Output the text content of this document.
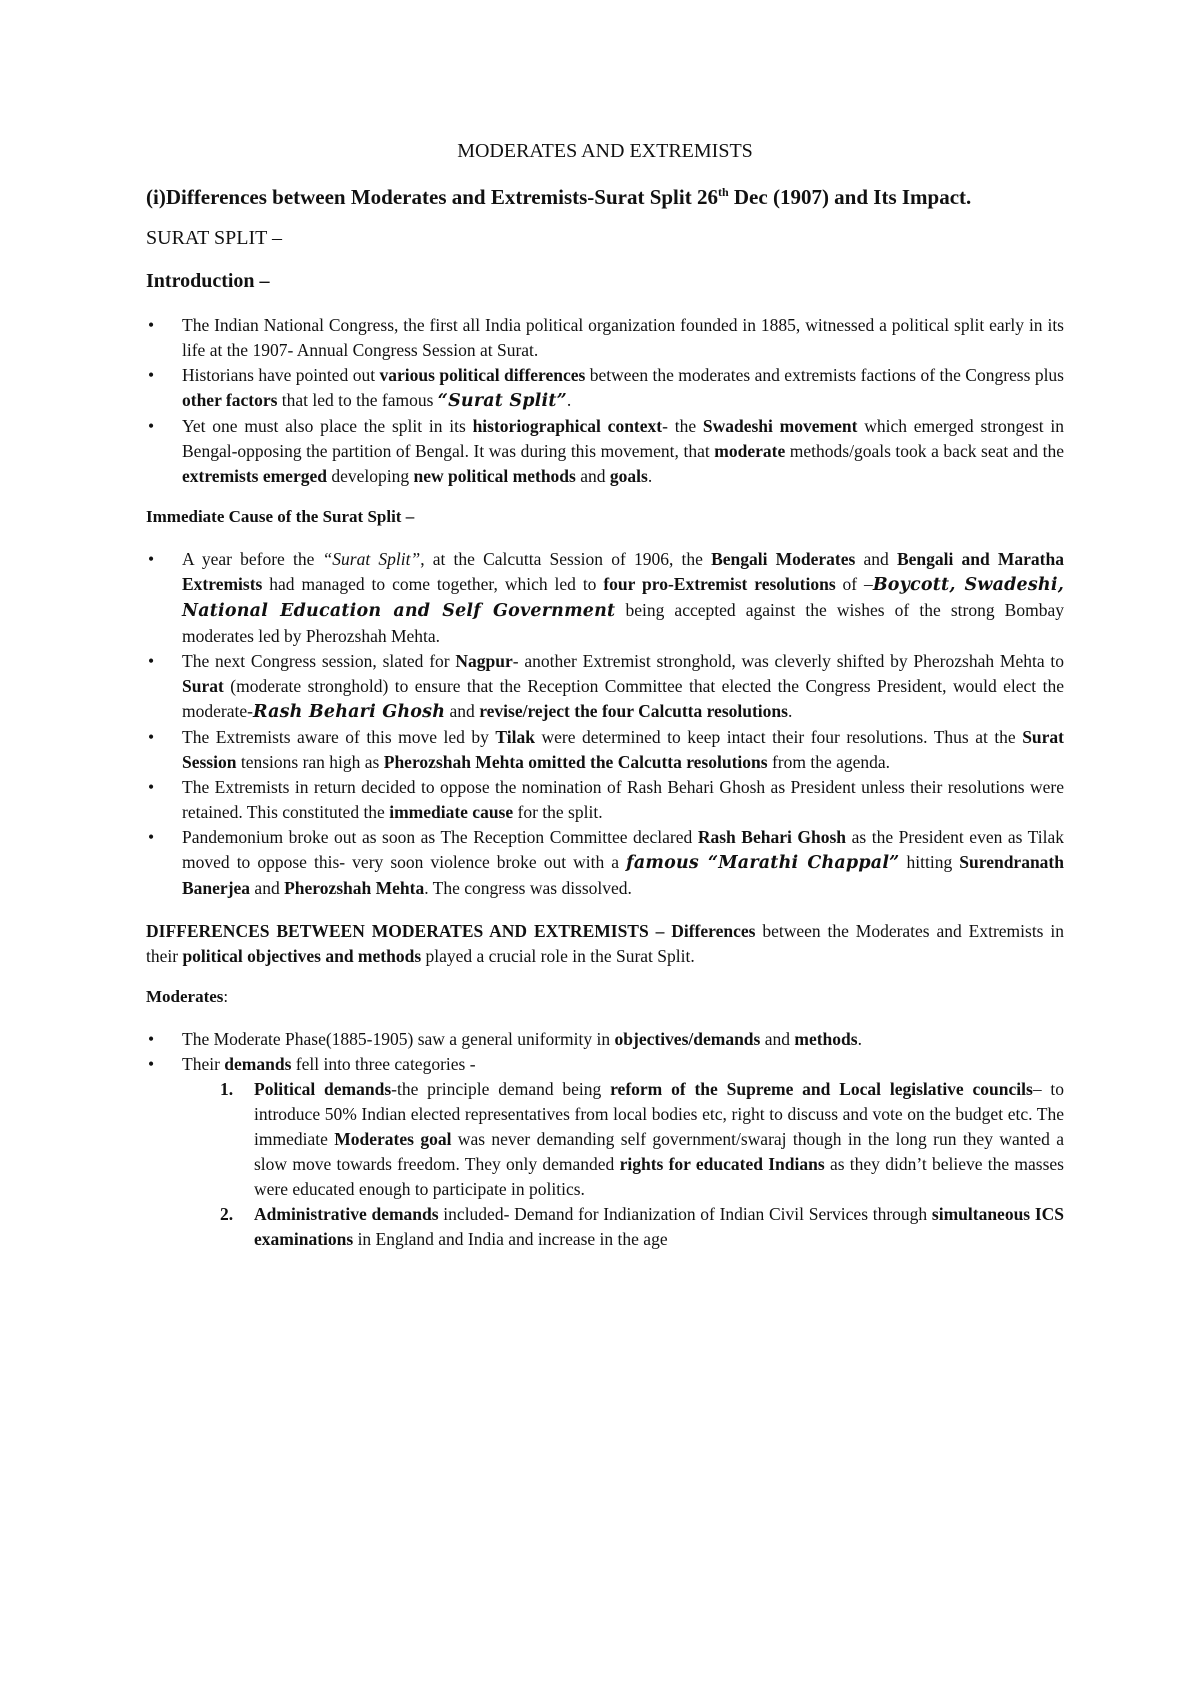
MODERATES AND EXTREMISTS
(i)Differences between Moderates and Extremists-Surat Split 26th Dec (1907) and Its Impact.
SURAT SPLIT –
Introduction –
• The Indian National Congress, the first all India political organization founded in 1885, witnessed a political split early in its life at the 1907- Annual Congress Session at Surat.
• Historians have pointed out various political differences between the moderates and extremists factions of the Congress plus other factors that led to the famous “Surat Split”.
• Yet one must also place the split in its historiographical context- the Swadeshi movement which emerged strongest in Bengal-opposing the partition of Bengal. It was during this movement, that moderate methods/goals took a back seat and the extremists emerged developing new political methods and goals.
Immediate Cause of the Surat Split –
• A year before the “Surat Split”, at the Calcutta Session of 1906, the Bengali Moderates and Bengali and Maratha Extremists had managed to come together, which led to four pro-Extremist resolutions of –Boycott, Swadeshi, National Education and Self Government being accepted against the wishes of the strong Bombay moderates led by Pherozshah Mehta.
• The next Congress session, slated for Nagpur- another Extremist stronghold, was cleverly shifted by Pherozshah Mehta to Surat (moderate stronghold) to ensure that the Reception Committee that elected the Congress President, would elect the moderate-Rash Behari Ghosh and revise/reject the four Calcutta resolutions.
• The Extremists aware of this move led by Tilak were determined to keep intact their four resolutions. Thus at the Surat Session tensions ran high as Pherozshah Mehta omitted the Calcutta resolutions from the agenda.
• The Extremists in return decided to oppose the nomination of Rash Behari Ghosh as President unless their resolutions were retained. This constituted the immediate cause for the split.
• Pandemonium broke out as soon as The Reception Committee declared Rash Behari Ghosh as the President even as Tilak moved to oppose this- very soon violence broke out with a famous “Marathi Chappal” hitting Surendranath Banerjea and Pherozshah Mehta. The congress was dissolved.

DIFFERENCES BETWEEN MODERATES AND EXTREMISTS – Differences between the Moderates and Extremists in their political objectives and methods played a crucial role in the Surat Split.

Moderates:
• The Moderate Phase(1885-1905) saw a general uniformity in objectives/demands and methods.
• Their demands fell into three categories -
1. Political demands-the principle demand being reform of the Supreme and Local legislative councils– to introduce 50% Indian elected representatives from local bodies etc, right to discuss and vote on the budget etc. The immediate Moderates goal was never demanding self government/swaraj though in the long run they wanted a slow move towards freedom. They only demanded rights for educated Indians as they didn’t believe the masses were educated enough to participate in politics.
2. Administrative demands included- Demand for Indianization of Indian Civil Services through simultaneous ICS examinations in England and India and increase in the age
